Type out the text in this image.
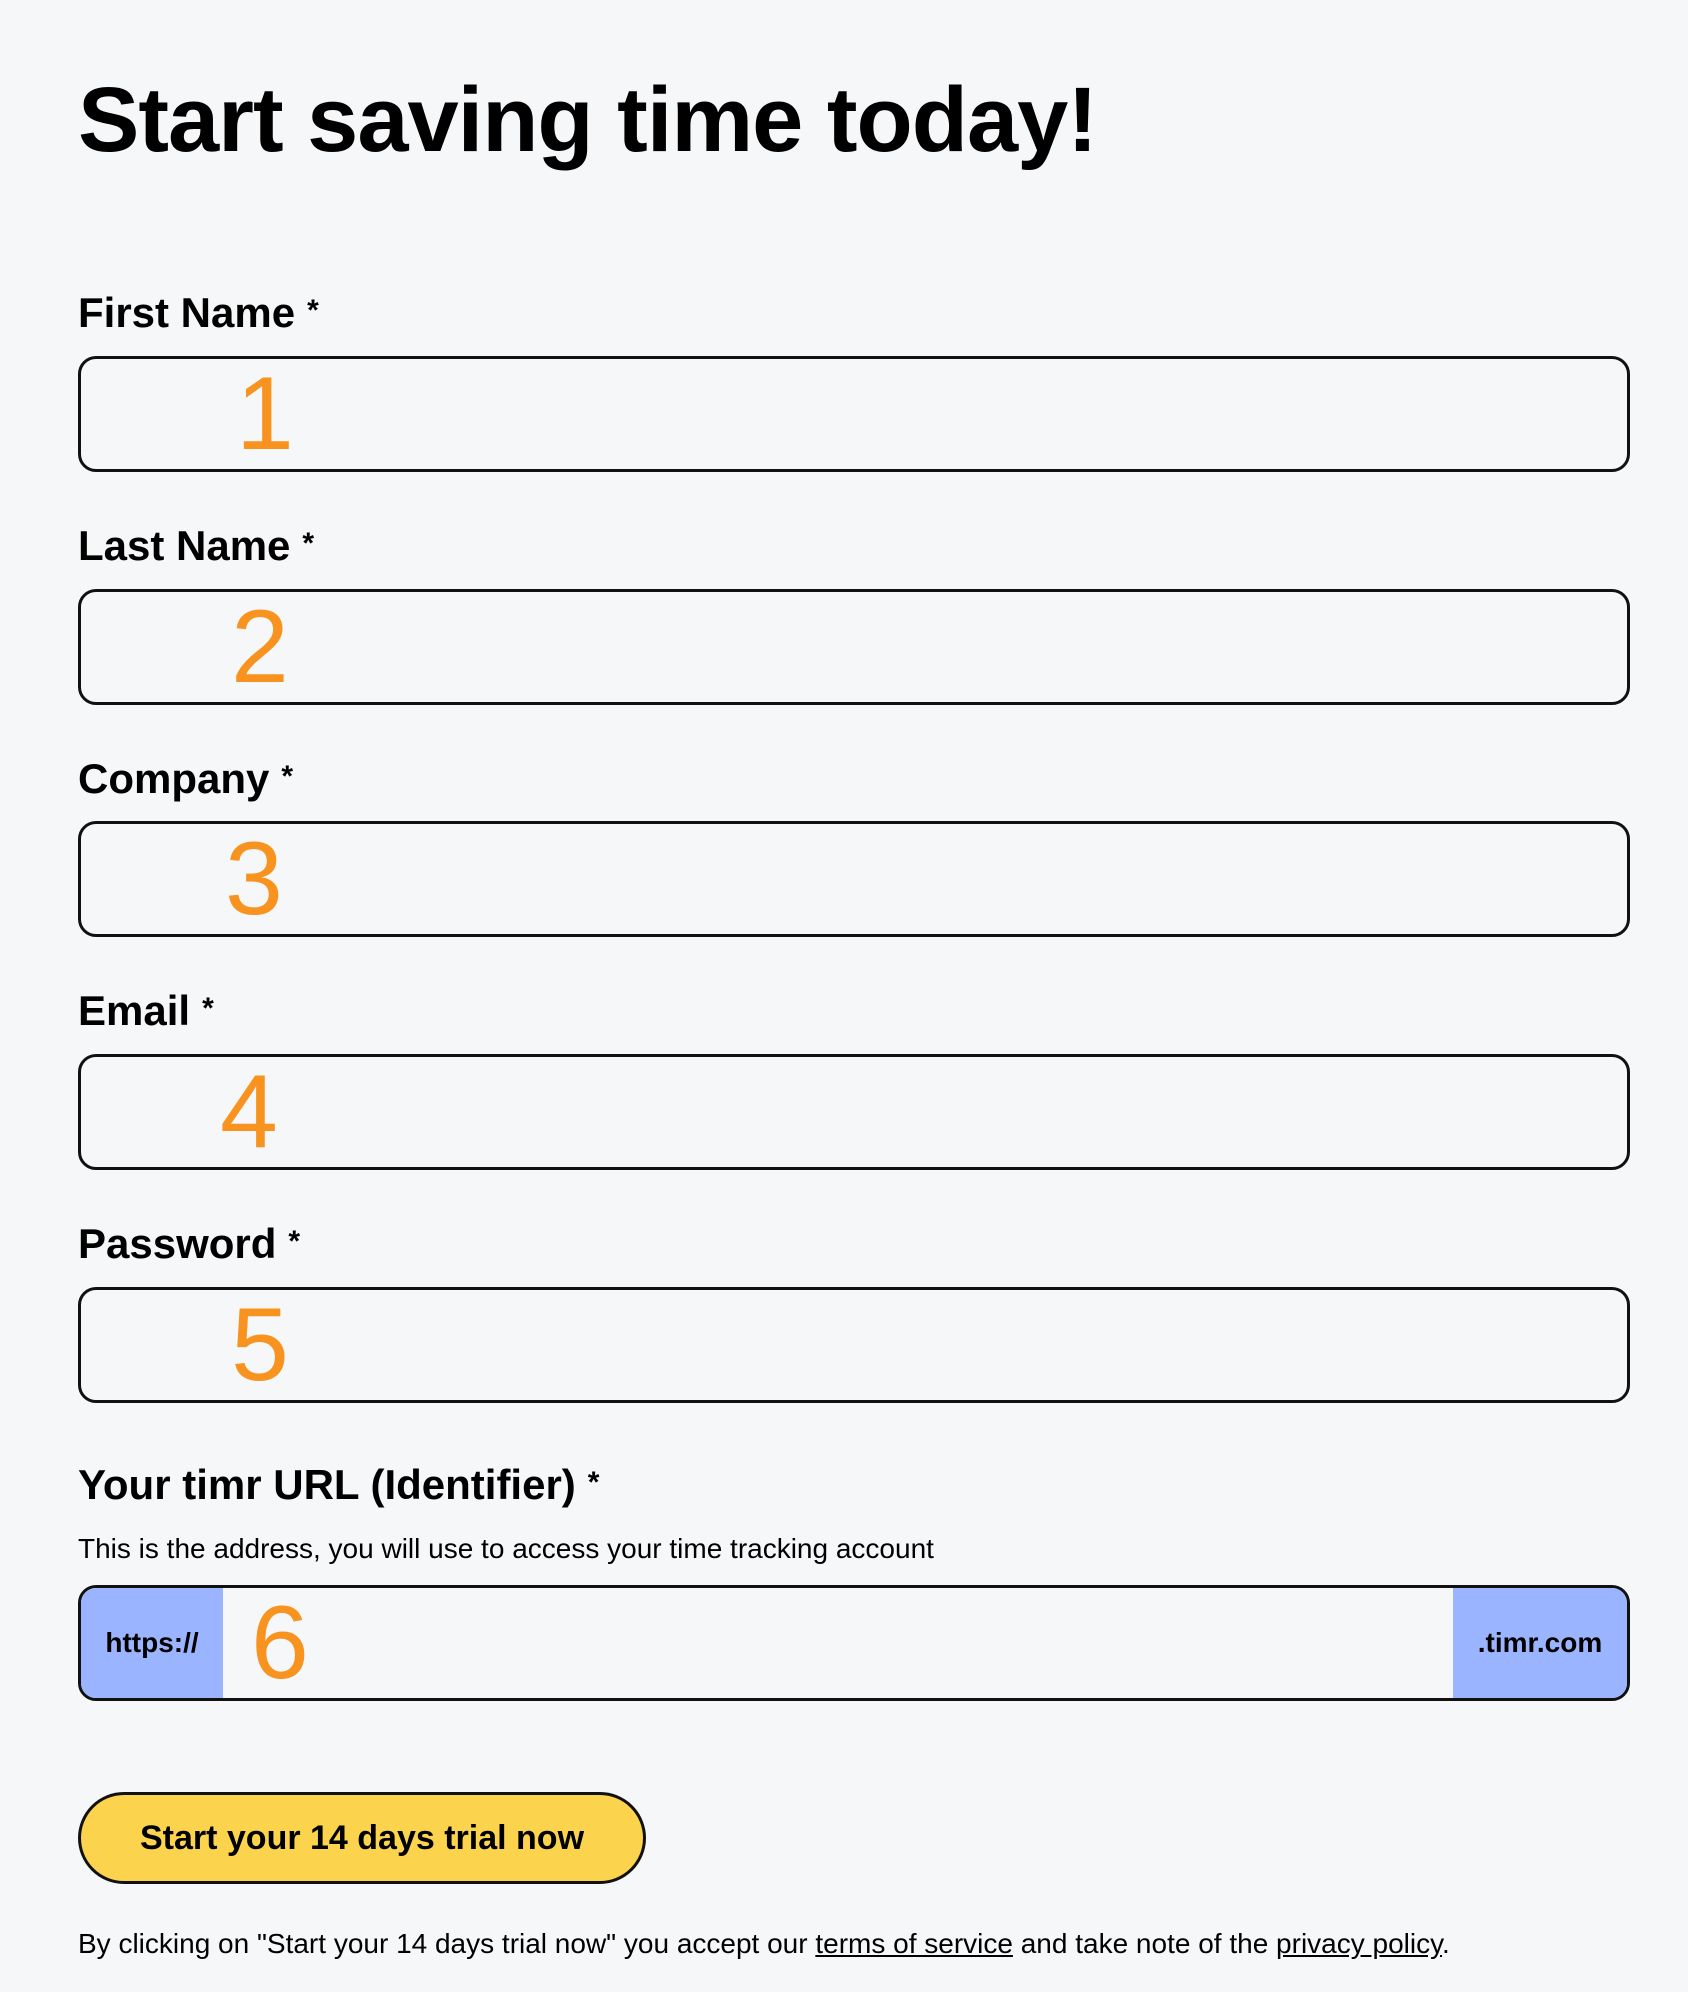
Start saving time today!
First Name *
1
Last Name *
2
Company *
3
Email *
4
Password *
5
Your timr URL (Identifier) *
This is the address, you will use to access your time tracking account
https:// 6	.timr.com
Start your 14 days trial now
By clicking on "Start your 14 days trial now" you accept our terms of service and take note of the privacy policy.
